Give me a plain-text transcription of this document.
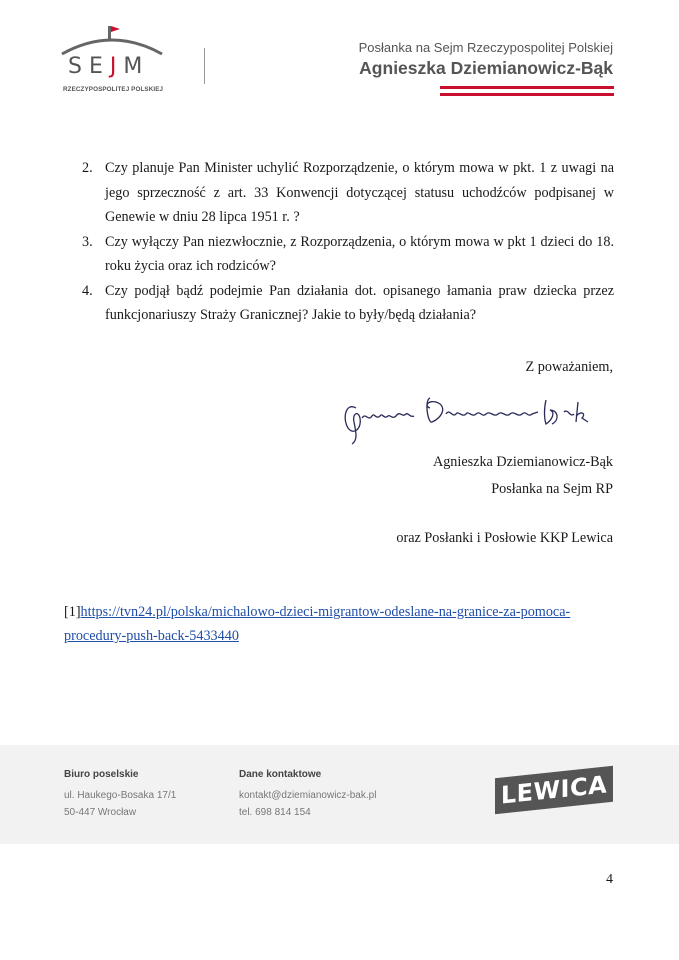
SEJM
RZECZYPOSPOLITEJ POLSKIEJ
Posłanka na Sejm Rzeczypospolitej Polskiej
Agnieszka Dziemianowicz-Bąk
2. Czy planuje Pan Minister uchylić Rozporządzenie, o którym mowa w pkt. 1 z uwagi na jego sprzeczność z art. 33 Konwencji dotyczącej statusu uchodźców podpisanej w Genewie w dniu 28 lipca 1951 r. ?
3. Czy wyłączy Pan niezwłocznie, z Rozporządzenia, o którym mowa w pkt 1 dzieci do 18. roku życia oraz ich rodziców?
4. Czy podjął bądź podejmie Pan działania dot. opisanego łamania praw dziecka przez funkcjonariuszy Straży Granicznej? Jakie to były/będą działania?
Z poważaniem,
Agnieszka Dziemianowicz-Bąk
Posłanka na Sejm RP
oraz Posłanki i Posłowie KKP Lewica
[1]https://tvn24.pl/polska/michalowo-dzieci-migrantow-odeslane-na-granice-za-pomoca-procedury-push-back-5433440
Biuro poselskie
ul. Haukego-Bosaka 17/1
50-447 Wrocław
Dane kontaktowe
kontakt@dziemianowicz-bak.pl
tel. 698 814 154
LEWICA
4
